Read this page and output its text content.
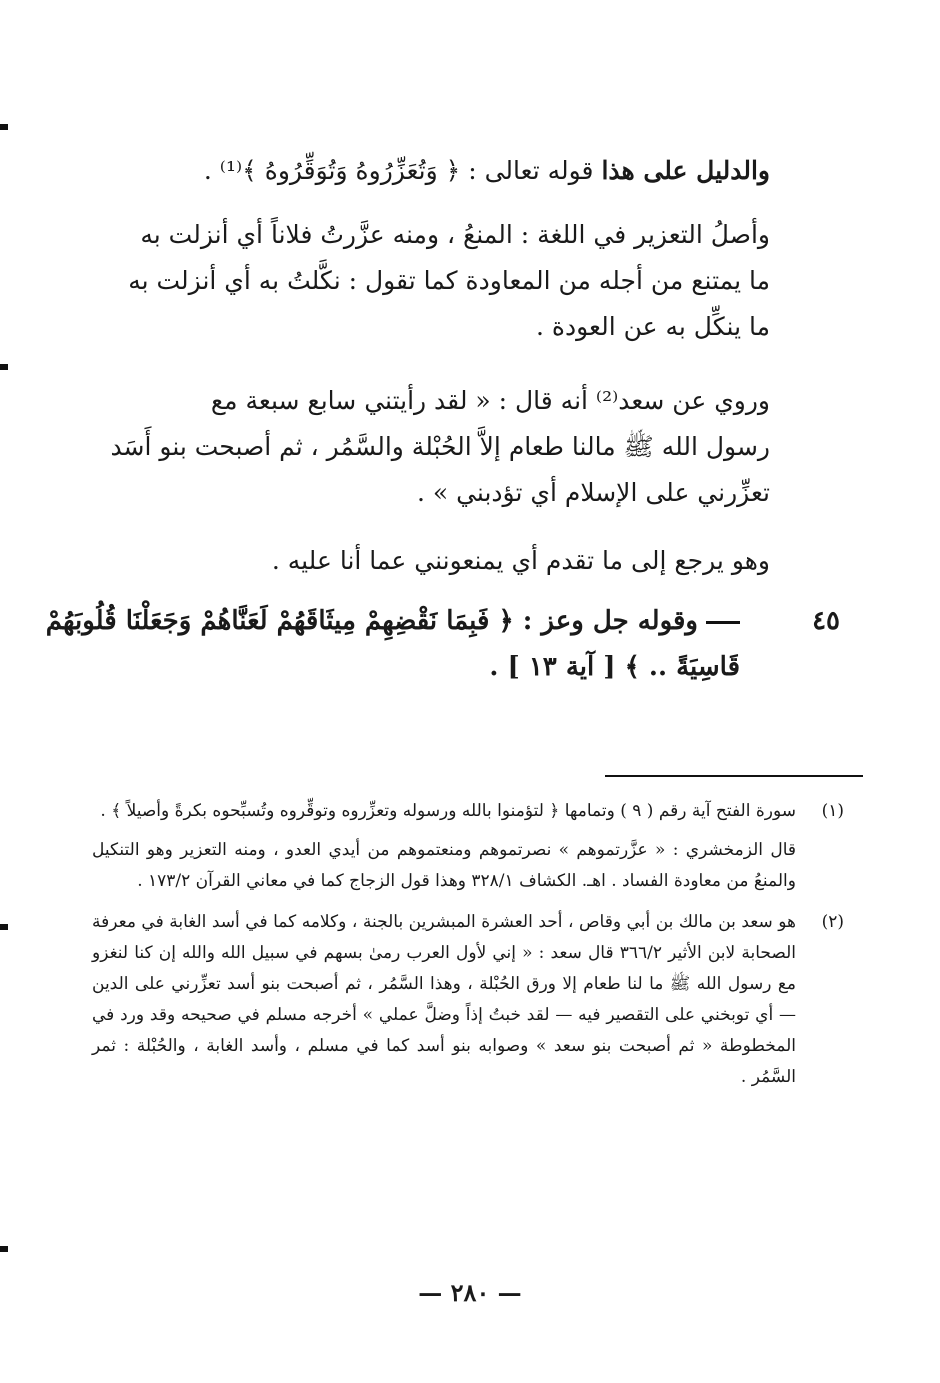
والدليل على هذا قوله تعالى : ﴿ وَتُعَزِّرُوهُ وَتُوَقِّرُوهُ ﴾⁽¹⁾ .
وأصلُ التعزير في اللغة : المنعُ ، ومنه عزَّرتُ فلاناً أي أنزلت به
ما يمتنع من أجله من المعاودة كما تقول : نكَّلتُ به أي أنزلت به
ما ينكِّل به عن العودة .
وروي عن سعد⁽²⁾ أنه قال : « لقد رأيتني سابع سبعة مع
رسول الله ﷺ مالنا طعام إلاَّ الحُبْلة والسَّمُر ، ثم أصبحت بنو أَسَد
تعزِّرني على الإسلام أي تؤدبني » .
وهو يرجع إلى ما تقدم أي يمنعونني عما أنا عليه .
٤٥
وقوله جل وعز : ﴿ فَبِمَا نَقْضِهِمْ مِيثَاقَهُمْ لَعَنَّاهُمْ وَجَعَلْنَا قُلُوبَهُمْ
قَاسِيَةً .. ﴾ [ آية ١٣ ] .
(١)
سورة الفتح آية رقم ( ٩ ) وتمامها ﴿ لتؤمنوا بالله ورسوله وتعزِّروه وتوقِّروه وتُسبِّحوه بكرةً وأصيلاً ﴾ .
قال الزمخشري : « عزَّرتموهم » نصرتموهم ومنعتموهم من أيدي العدو ، ومنه التعزير وهو التنكيل والمنعُ من معاودة الفساد . اهـ. الكشاف ٣٢٨/١ وهذا قول الزجاج كما في معاني القرآن ١٧٣/٢ .
(٢)
هو سعد بن مالك بن أبي وقاص ، أحد العشرة المبشرين بالجنة ، وكلامه كما في أسد الغابة في معرفة الصحابة لابن الأثير ٣٦٦/٢ قال سعد : « إني لأول العرب رمىٰ بسهم في سبيل الله والله إن كنا لنغزو مع رسول الله ﷺ ما لنا طعام إلا ورق الحُبْلة ، وهذا السَّمُر ، ثم أصبحت بنو أسد تعزِّرني على الدين — أي توبخني على التقصير فيه — لقد خبتُ إذاً وضلَّ عملي » أخرجه مسلم في صحيحه وقد ورد في المخطوطة « ثم أصبحت بنو سعد » وصوابه بنو أسد كما في مسلم ، وأسد الغابة ، والحُبْلة : ثمر السَّمُر .
— ٢٨٠ —
